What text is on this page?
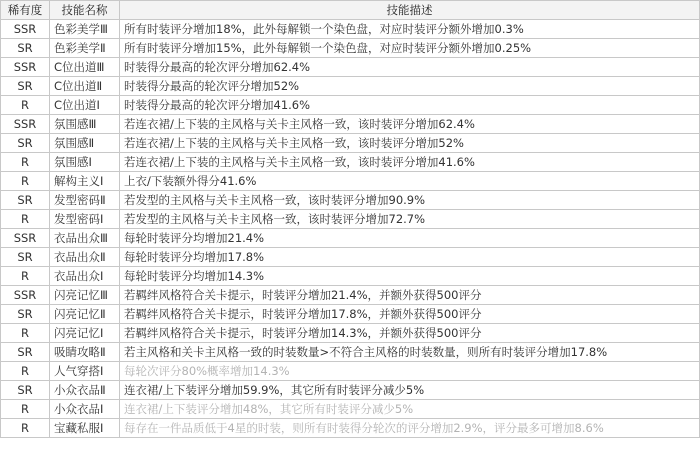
稀有度	技能名称	技能描述
SSR	色彩美学Ⅲ	所有时装评分增加18%，此外每解锁一个染色盘，对应时装评分额外增加0.3%
SR	色彩美学Ⅱ	所有时装评分增加15%，此外每解锁一个染色盘，对应时装评分额外增加0.25%
SSR	C位出道Ⅲ	时装得分最高的轮次评分增加62.4%
SR	C位出道Ⅱ	时装得分最高的轮次评分增加52%
R	C位出道Ⅰ	时装得分最高的轮次评分增加41.6%
SSR	氛围感Ⅲ	若连衣裙/上下装的主风格与关卡主风格一致，该时装评分增加62.4%
SR	氛围感Ⅱ	若连衣裙/上下装的主风格与关卡主风格一致，该时装评分增加52%
R	氛围感Ⅰ	若连衣裙/上下装的主风格与关卡主风格一致，该时装评分增加41.6%
R	解构主义Ⅰ	上衣/下装额外得分41.6%
SR	发型密码Ⅱ	若发型的主风格与关卡主风格一致，该时装评分增加90.9%
R	发型密码Ⅰ	若发型的主风格与关卡主风格一致，该时装评分增加72.7%
SSR	衣品出众Ⅲ	每轮时装评分均增加21.4%
SR	衣品出众Ⅱ	每轮时装评分均增加17.8%
R	衣品出众Ⅰ	每轮时装评分均增加14.3%
SSR	闪亮记忆Ⅲ	若羁绊风格符合关卡提示，时装评分增加21.4%，并额外获得500评分
SR	闪亮记忆Ⅱ	若羁绊风格符合关卡提示，时装评分增加17.8%，并额外获得500评分
R	闪亮记忆Ⅰ	若羁绊风格符合关卡提示，时装评分增加14.3%，并额外获得500评分
SR	吸睛攻略Ⅱ	若主风格和关卡主风格一致的时装数量>不符合主风格的时装数量，则所有时装评分增加17.8%
R	人气穿搭Ⅰ	每轮次评分80%概率增加14.3%
SR	小众衣品Ⅱ	连衣裙/上下装评分增加59.9%，其它所有时装评分减少5%
R	小众衣品Ⅰ	连衣裙/上下装评分增加48%，其它所有时装评分减少5%
R	宝藏私服Ⅰ	每存在一件品质低于4星的时装，则所有时装得分轮次的评分增加2.9%，评分最多可增加8.6%
